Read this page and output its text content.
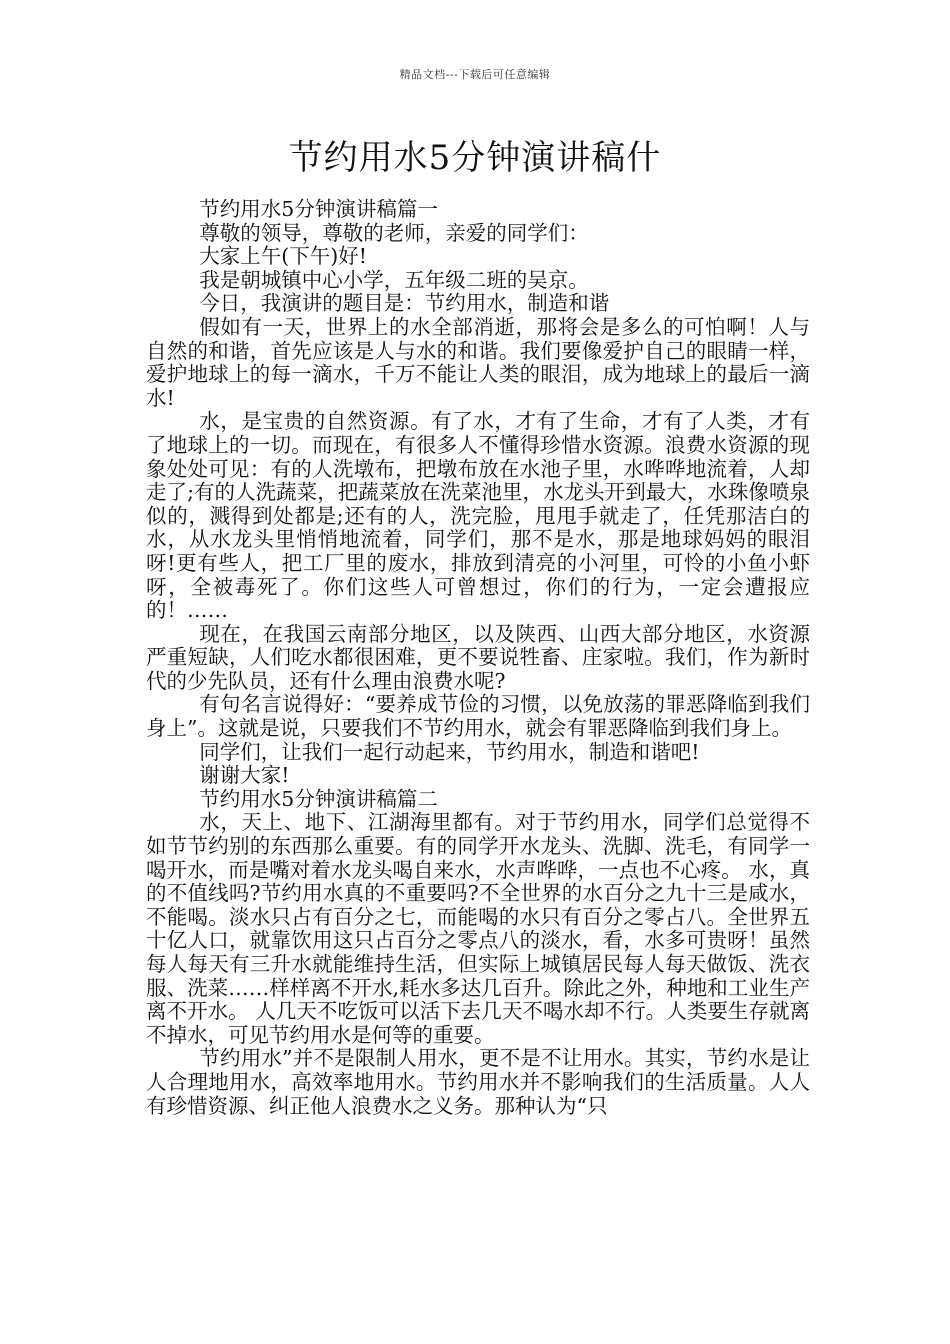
精品文档---下载后可任意编辑
节约用水5分钟演讲稿什

节约用水5分钟演讲稿篇一

尊敬的领导，尊敬的老师，亲爱的同学们：

大家上午(下午)好!

我是朝城镇中心小学，五年级二班的吴京。

今日，我演讲的题目是：节约用水，制造和谐

假如有一天，世界上的水全部消逝，那将会是多么的可怕啊！人与自然的和谐，首先应该是人与水的和谐。我们要像爱护自己的眼睛一样，爱护地球上的每一滴水，千万不能让人类的眼泪，成为地球上的最后一滴水!

水，是宝贵的自然资源。有了水，才有了生命，才有了人类，才有了地球上的一切。而现在，有很多人不懂得珍惜水资源。浪费水资源的现象处处可见：有的人洗墩布，把墩布放在水池子里，水哗哗地流着，人却走了;有的人洗蔬菜，把蔬菜放在洗菜池里，水龙头开到最大，水珠像喷泉似的，溅得到处都是;还有的人，洗完脸，甩甩手就走了，任凭那洁白的水，从水龙头里悄悄地流着，同学们，那不是水，那是地球妈妈的眼泪呀!更有些人，把工厂里的废水，排放到清亮的小河里，可怜的小鱼小虾呀，全被毒死了。你们这些人可曾想过，你们的行为，一定会遭报应的！……

现在，在我国云南部分地区，以及陕西、山西大部分地区，水资源严重短缺，人们吃水都很困难，更不要说牲畜、庄家啦。我们，作为新时代的少先队员，还有什么理由浪费水呢?

有句名言说得好：“要养成节俭的习惯，以免放荡的罪恶降临到我们身上”。这就是说，只要我们不节约用水，就会有罪恶降临到我们身上。

同学们，让我们一起行动起来，节约用水，制造和谐吧!

谢谢大家!

节约用水5分钟演讲稿篇二

水，天上、地下、江湖海里都有。对于节约用水，同学们总觉得不如节节约别的东西那么重要。有的同学开水龙头、洗脚、洗毛，有同学一喝开水，而是嘴对着水龙头喝自来水，水声哗哗，一点也不心疼。 水，真的不值线吗?节约用水真的不重要吗?不全世界的水百分之九十三是咸水，不能喝。淡水只占有百分之七，而能喝的水只有百分之零占八。全世界五十亿人口，就靠饮用这只占百分之零点八的淡水，看，水多可贵呀！虽然每人每天有三升水就能维持生活，但实际上城镇居民每人每天做饭、洗衣服、洗菜……样样离不开水,耗水多达几百升。除此之外，种地和工业生产离不开水。 人几天不吃饭可以活下去几天不喝水却不行。人类要生存就离不掉水，可见节约用水是何等的重要。

节约用水”并不是限制人用水，更不是不让用水。其实，节约水是让人合理地用水，高效率地用水。节约用水并不影响我们的生活质量。人人有珍惜资源、纠正他人浪费水之义务。那种认为“只
